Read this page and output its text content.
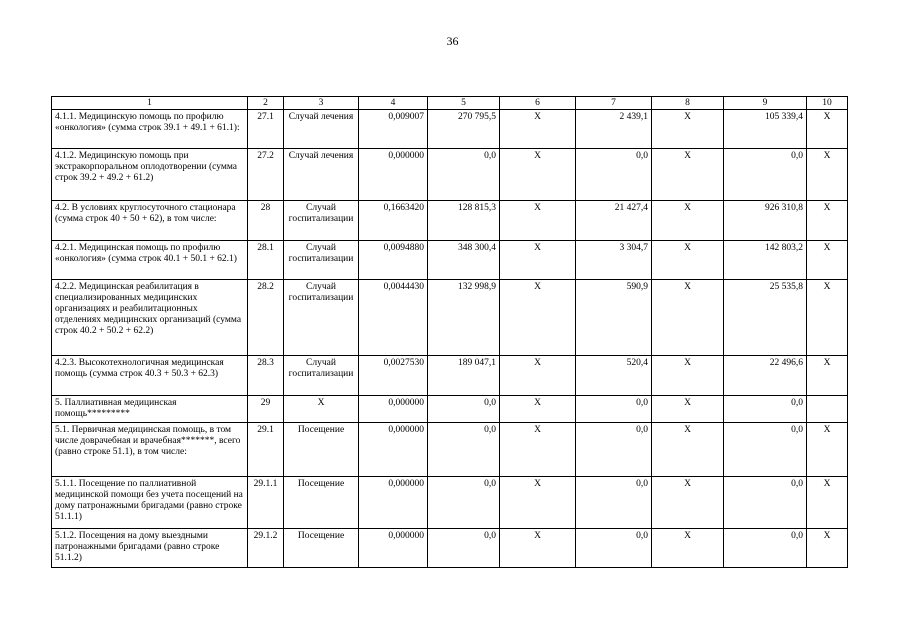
36
1	2	3	4	5	6	7	8	9	10
4.1.1. Медицинскую помощь по профилю «онкология» (сумма строк 39.1 + 49.1 + 61.1):	27.1	Случай лечения	0,009007	270 795,5	X	2 439,1	X	105 339,4	X
4.1.2. Медицинскую помощь при экстракорпоральном оплодотворении (сумма строк 39.2 + 49.2 + 61.2)	27.2	Случай лечения	0,000000	0,0	X	0,0	X	0,0	X
4.2. В условиях круглосуточного стационара (сумма строк 40 + 50 + 62), в том числе:	28	Случай госпитализации	0,1663420	128 815,3	X	21 427,4	X	926 310,8	X
4.2.1. Медицинская помощь по профилю «онкология» (сумма строк 40.1 + 50.1 + 62.1)	28.1	Случай госпитализации	0,0094880	348 300,4	X	3 304,7	X	142 803,2	X
4.2.2. Медицинская реабилитация в специализированных медицинских организациях и реабилитационных отделениях медицинских организаций (сумма строк 40.2 + 50.2 + 62.2)	28.2	Случай госпитализации	0,0044430	132 998,9	X	590,9	X	25 535,8	X
4.2.3. Высокотехнологичная медицинская помощь (сумма строк 40.3 + 50.3 + 62.3)	28.3	Случай госпитализации	0,0027530	189 047,1	X	520,4	X	22 496,6	X
5. Паллиативная медицинская помощь*********	29	X	0,000000	0,0	X	0,0	X	0,0	
5.1. Первичная медицинская помощь, в том числе доврачебная и врачебная*******, всего (равно строке 51.1), в том числе:	29.1	Посещение	0,000000	0,0	X	0,0	X	0,0	X
5.1.1. Посещение по паллиативной медицинской помощи без учета посещений на дому патронажными бригадами (равно строке 51.1.1)	29.1.1	Посещение	0,000000	0,0	X	0,0	X	0,0	X
5.1.2. Посещения на дому выездными патронажными бригадами (равно строке 51.1.2)	29.1.2	Посещение	0,000000	0,0	X	0,0	X	0,0	X
